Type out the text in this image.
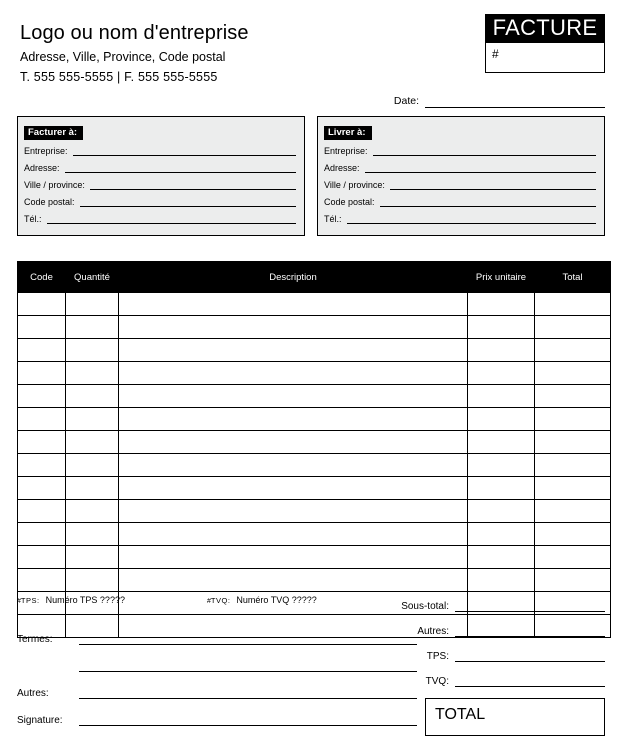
Logo ou nom d'entreprise
Adresse, Ville, Province, Code postal
T. 555 555-5555 | F. 555 555-5555
FACTURE
#
Date:
Facturer à:
Entreprise:
Adresse:
Ville / province:
Code postal:
Tél.:
Livrer à:
Entreprise:
Adresse:
Ville / province:
Code postal:
Tél.:
Code	Quantité	Description	Prix unitaire	Total

# TPS: Numéro TPS ?????	# TVQ: Numéro TVQ ?????
Sous-total:
Autres:
TPS:
TVQ:
TOTAL
Termes:
Autres:
Signature:
